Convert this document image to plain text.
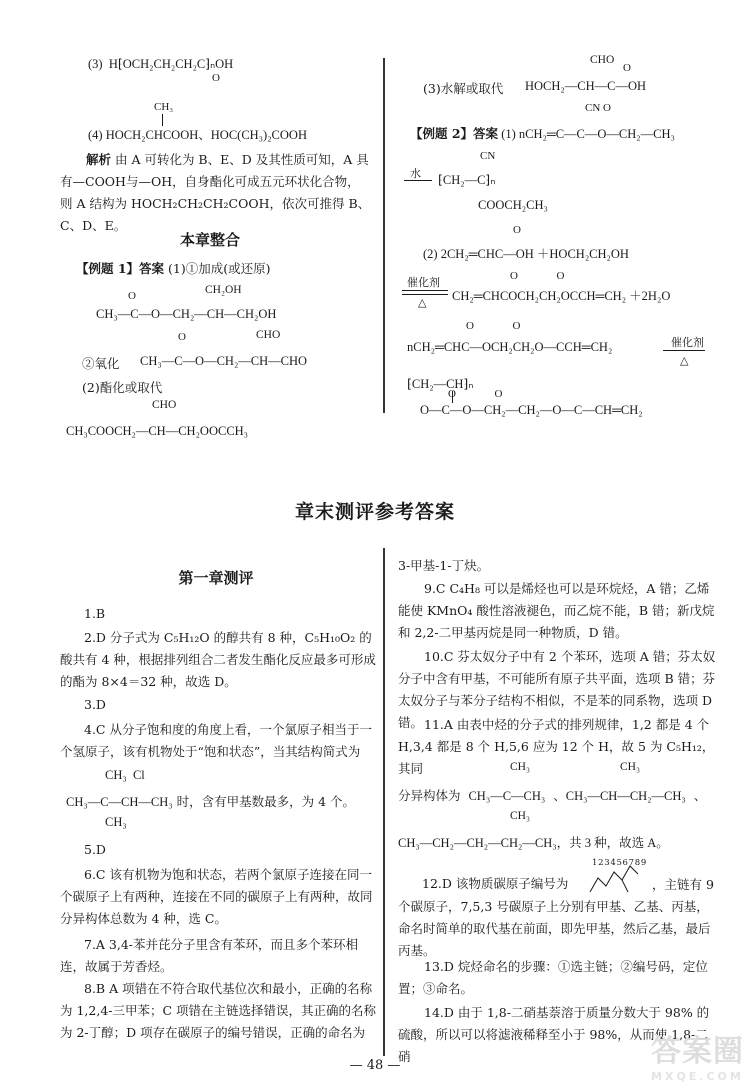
(3) H⁅OCH₂CH₂CH₂C⁆ₙOH
O
CH₃
(4) HOCH₂CHCOOH、HOC(CH₃)₂COOH
解析 由 A 可转化为 B、E、D 及其性质可知，A 具有—COOH与—OH，自身酯化可成五元环状化合物，则 A 结构为 HOCH₂CH₂CH₂COOH，依次可推得 B、C、D、E。
本章整合
【例题 1】答案 (1)①加成(或还原)
CH₂OH
O
CH₃—C—O—CH₂—CH—CH₂OH
O	CHO
②氧化 CH₃—C—O—CH₂—CH—CHO
(2)酯化或取代
CHO
CH₃COOCH₂—CH—CH₂OOCCH₃
CHO
O
(3)水解或取代 HOCH₂—CH—C—OH
CN O
【例题 2】答案 (1) nCH₂═C—C—O—CH₂—CH₃
水
CN
⁅CH₂—C⁆ₙ
COOCH₂CH₃
O
(2) 2CH₂═CHC—OH ＋HOCH₂CH₂OH
催化剂
△
O              O
CH₂═CHCOCH₂CH₂OCCH═CH₂ ＋2H₂O
O              O
nCH₂═CHC—OCH₂CH₂O—CCH═CH₂	催化剂
△
⁅CH₂—CH⁆ₙ
O              O
O—C—O—CH₂—CH₂—O—C—CH═CH₂
章末测评参考答案
第一章测评
1.B
2.D 分子式为 C₅H₁₂O 的醇共有 8 种，C₅H₁₀O₂ 的酸共有 4 种，根据排列组合二者发生酯化反应最多可形成的酯为 8×4＝32 种，故选 D。
3.D
4.C 从分子饱和度的角度上看，一个氯原子相当于一个氢原子，该有机物处于“饱和状态”，当其结构简式为
CH₃  Cl
CH₃—C—CH—CH₃ 时，含有甲基数最多，为 4 个。
CH₃
5.D
6.C 该有机物为饱和状态，若两个氯原子连接在同一个碳原子上有两种，连接在不同的碳原子上有两种，故同分异构体总数为 4 种，选 C。
7.A 3,4-苯并芘分子里含有苯环，而且多个苯环相连，故属于芳香烃。
8.B A 项错在不符合取代基位次和最小，正确的名称为 1,2,4-三甲苯；C 项错在主链选择错误，其正确的名称为 2-丁醇；D 项存在碳原子的编号错误，正确的命名为
3-甲基-1-丁炔。
9.C C₄H₈ 可以是烯烃也可以是环烷烃，A 错；乙烯能使 KMnO₄ 酸性溶液褪色，而乙烷不能，B 错；新戊烷和 2,2-二甲基丙烷是同一种物质，D 错。
10.C 芬太奴分子中有 2 个苯环，选项 A 错；芬太奴分子中含有甲基，不可能所有原子共平面，选项 B 错；芬太奴分子与苯分子结构不相似，不是苯的同系物，选项 D 错。 11.A 由表中烃的分子式的排列规律，1,2 都是 4 个H,3,4 都是 8 个 H,5,6 应为 12 个 H，故 5 为 C₅H₁₂，其同	CH₃	CH₃
分异构体为 CH₃—C—CH₃ 、CH₃—CH—CH₂—CH₃ 、
CH₃
CH₃—CH₂—CH₂—CH₂—CH₃，共 3 种，故选 A。
12.D 该物质碳原子编号为
1 2 3 4 5 6 7 8 9
，主链有 9 个碳原子，7,5,3 号碳原子上分别有甲基、乙基、丙基，命名时简单的取代基在前面，即先甲基，然后乙基，最后丙基。
13.D 烷烃命名的步骤：①选主链；②编号码，定位置；③命名。
14.D 由于 1,8-二硝基萘溶于质量分数大于 98% 的硫酸，所以可以将滤液稀释至小于 98%，从而使 1,8-二硝
— 48 —	答案圈
MXQE.COM
